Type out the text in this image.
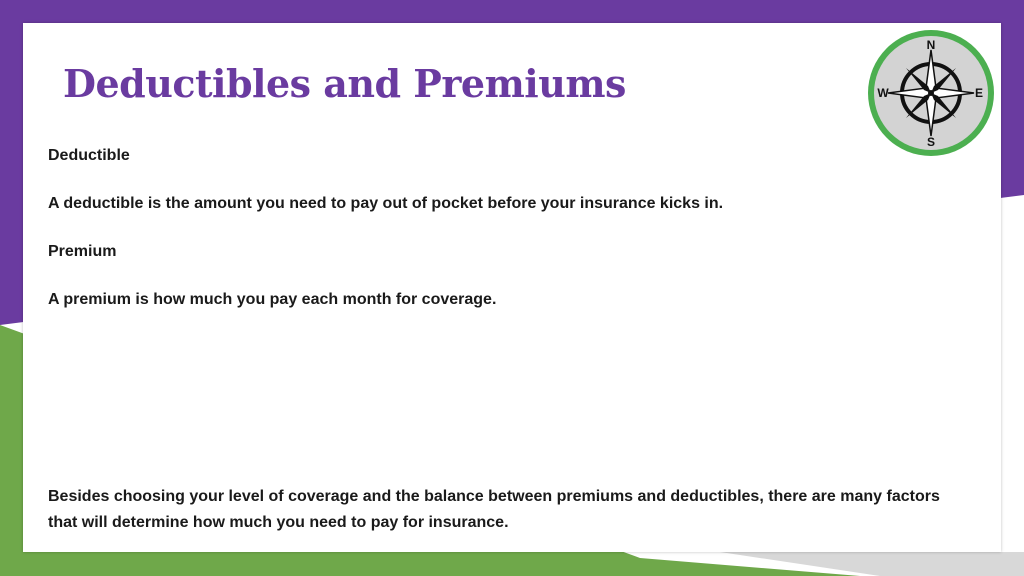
Deductibles and Premiums

Deductible

A deductible is the amount you need to pay out of pocket before your insurance kicks in.

Premium

A premium is how much you pay each month for coverage.

Besides choosing your level of coverage and the balance between premiums and deductibles, there are many factors that will determine how much you need to pay for insurance.

N
S
E
W
